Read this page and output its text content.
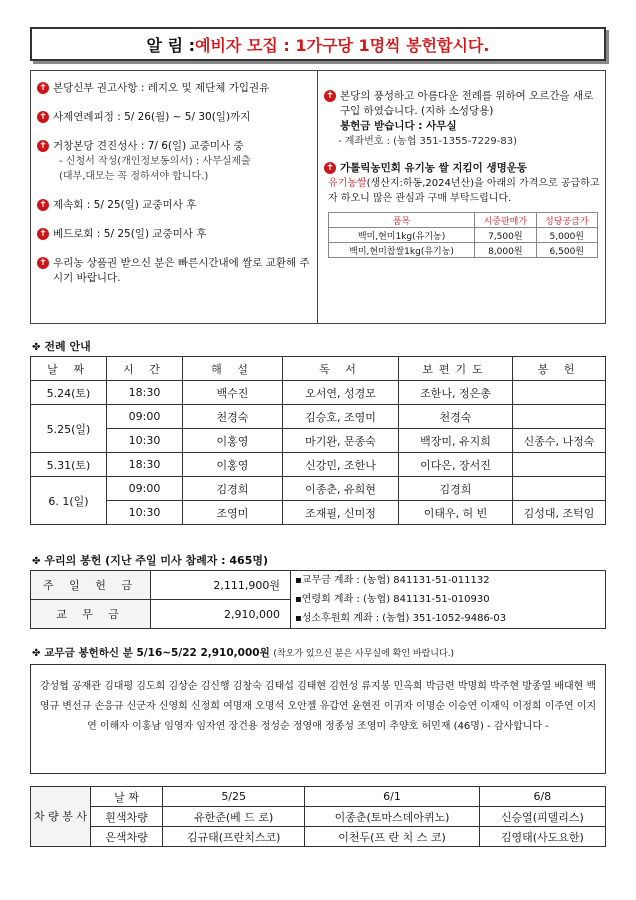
알 림 : 예비자 모집 : 1가구당 1명씩 봉헌합시다.
✝ 본당신부 권고사항 : 레지오 및 제단체 가입권유
✝ 사제연례피정 : 5/ 26(월) ~ 5/ 30(일)까지
✝ 거창본당 견진성사 : 7/ 6(일) 교중미사 중
- 신청서 작성(개인정보동의서) : 사무실제출
(대부,대모는 꼭 정하셔야 합니다.)
✝ 제속회 : 5/ 25(일) 교중미사 후
✝ 베드로회 : 5/ 25(일) 교중미사 후
✝ 우리농 상품권 받으신 분은 빠른시간내에 쌀로 교환해 주시기 바랍니다.
✝ 본당의 풍성하고 아름다운 전례를 위하여 오르간을 새로 구입 하였습니다. (지하 소성당용)
봉헌금 받습니다 : 사무실
- 계좌번호 : (농협 351-1355-7229-83)
✝ 가톨릭농민회 유기농 쌀 지킴이 생명운동
유기농쌀(생산지:하동,2024년산)을 아래의 가격으로 공급하고자 하오니 많은 관심과 구매 부탁드립니다.
품목	시중판매가	성당공급가
백미,현미1kg(유기농)	7,500원	5,000원
백미,현미찹쌀1kg(유기농)	8,000원	6,500원
✤ 전례 안내
날 짜	시 간	해 설	독 서	보편기도	봉 헌
5.24(토)	18:30	백수진	오서연, 성경모	조한나, 정은총	
5.25(일)	09:00	천경숙	김승호, 조영미	천경숙	
	10:30	이홍영	마기완, 문종숙	백장미, 유지희	신종수, 나정숙
5.31(토)	18:30	이홍영	신강민, 조한나	이다은, 장서진	
6. 1(일)	09:00	김경희	이종춘, 유희현	김경희	
	10:30	조영미	조재필, 신미정	이태우, 허 빈	김성대, 조턱임
✤ 우리의 봉헌 (지난 주일 미사 참례자 : 465명)
주 일 헌 금	2,111,900원	▪교무금 계좌 : (농협) 841131-51-011132
▪연령회 계좌 : (농협) 841131-51-010930
▪성소후원회 계좌 : (농협) 351-1052-9486-03

교 무 금	2,910,000	
✤ 교무금 봉헌하신 분 5/16~5/22 2,910,000원 (착오가 있으신 분은 사무실에 확인 바랍니다.)
강성협 공재관 김대평 김도희 김상순 김신행 김창숙 김태섭 김태현 김헌성 류지봉 민옥희 박금련 박명희 박주현 방종열 배대현 백영규 변선규 손응규 신군자 신영희 신정희 여명재 오명석 오안젤 유갑연 윤현진 이귀자 이명순 이승연 이재익 이정희 이주연 이지연 이해자 이홍남 임영자 임자연 장건용 정성순 정영애 정종성 조영미 추양호 허민재 (46명) - 감사합니다 -
차 량 봉 사	날 짜	5/25	6/1	6/8
	흰색차량	유한준(베 드 로)	이종춘(토마스데아퀴노)	신승열(피델리스)
	은색차량	김규태(프란치스코)	이천두(프 란 치 스 코)	김영태(사도요한)
